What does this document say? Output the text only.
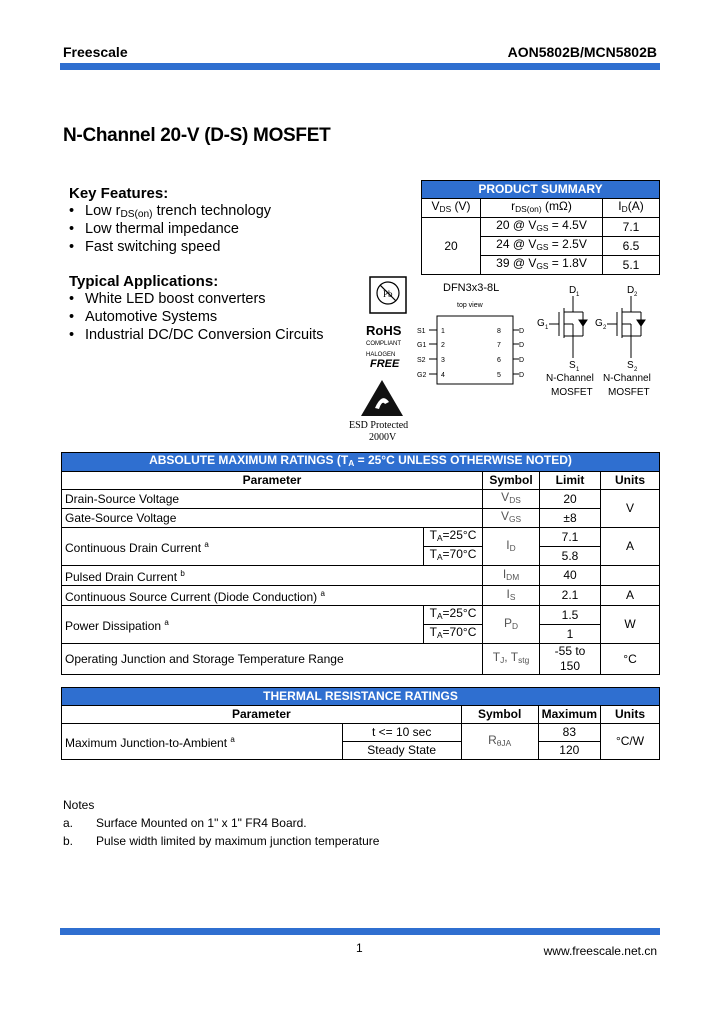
Freescale	AON5802B/MCN5802B
N-Channel 20-V (D-S) MOSFET
Key Features:
• Low $r_{DS(on)}$ trench technology
• Low thermal impedance
• Fast switching speed
Typical Applications:
• White LED boost converters
• Automotive Systems
• Industrial DC/DC Conversion Circuits
PRODUCT SUMMARY		
$V_{DS}$ (V)	$r_{DS(on)}$ (mΩ)	$I_D(A)$
20	20 @ $V_{GS} = 4.5V$	7.1
	24 @ $V_{GS} = 2.5V$	6.5
	39 @ $V_{GS} = 1.8V$	5.1
Pb
RoHS
COMPLIANT
HALOGEN
FREE
ESD Protected
2000V
DFN3x3-8L
top view
S1
G1
S2
G2
1
2
3
4
8
7
6
5
D
D
D
D
D 1
G 1
S 1
N-Channel
MOSFET
D 2
G 2
S 2
N-Channel
MOSFET
ABSOLUTE MAXIMUM RATINGS ($T_A = 25^\circ C$ UNLESS OTHERWISE NOTED)				
Parameter		Symbol	Limit	Units
Drain-Source Voltage		$V_{DS}$	20	V
Gate-Source Voltage		$V_{GS}$	±8	
Continuous Drain Current $^a$	$T_A=25^\circ C$	$I_D$	7.1	A
	$T_A=70^\circ C$		5.8	
Pulsed Drain Current $^b$		$I_{DM}$	40	
Continuous Source Current (Diode Conduction) $^a$		$I_S$	2.1	A
Power Dissipation $^a$	$T_A=25^\circ C$	$P_D$	1.5	W
	$T_A=70^\circ C$		1	
Operating Junction and Storage Temperature Range		$T_J$, $T_{stg}$	-55 to 150	°C
THERMAL RESISTANCE RATINGS				
Parameter		Symbol	Maximum	Units
Maximum Junction-to-Ambient $^a$	t <= 10 sec	$R_{\theta JA}$	83	°C/W
	Steady State		120	
Notes
a. Surface Mounted on 1" x 1" FR4 Board.
b. Pulse width limited by maximum junction temperature
1	www.freescale.net.cn
